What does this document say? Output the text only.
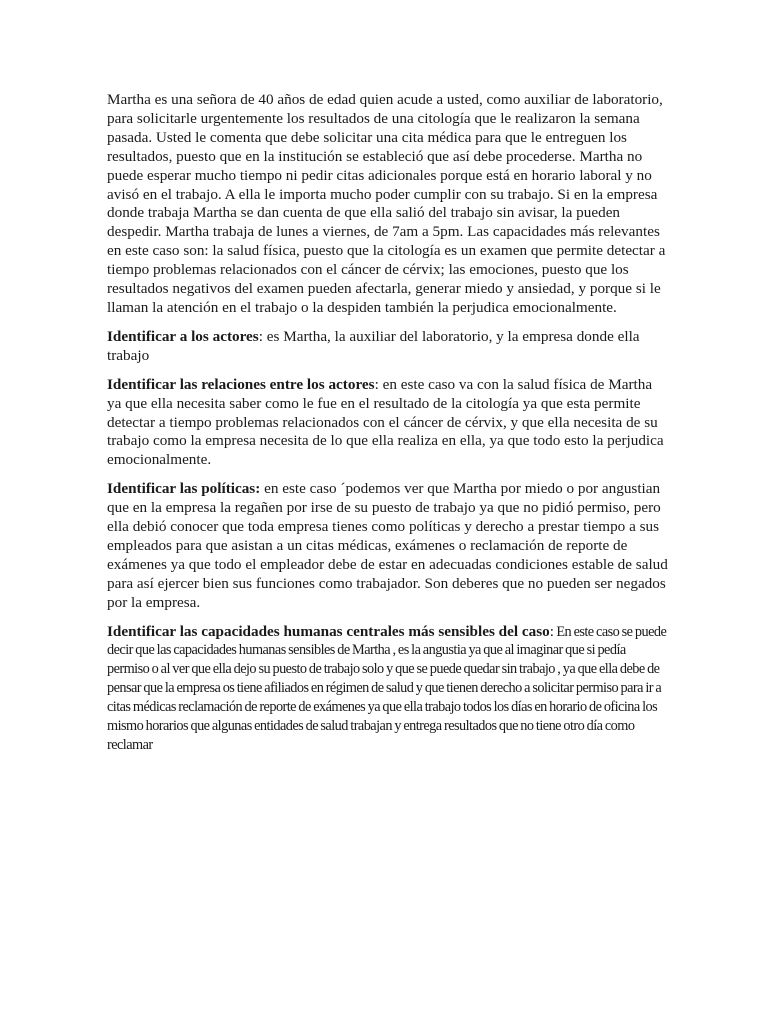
Martha es una señora de 40 años de edad quien acude a usted, como auxiliar de laboratorio, para solicitarle urgentemente los resultados de una citología que le realizaron la semana pasada. Usted le comenta que debe solicitar una cita médica para que le entreguen los resultados, puesto que en la institución se estableció que así debe procederse. Martha no puede esperar mucho tiempo ni pedir citas adicionales porque está en horario laboral y no avisó en el trabajo. A ella le importa mucho poder cumplir con su trabajo. Si en la empresa donde trabaja Martha se dan cuenta de que ella salió del trabajo sin avisar, la pueden despedir. Martha trabaja de lunes a viernes, de 7am a 5pm. Las capacidades más relevantes en este caso son: la salud física, puesto que la citología es un examen que permite detectar a tiempo problemas relacionados con el cáncer de cérvix; las emociones, puesto que los resultados negativos del examen pueden afectarla, generar miedo y ansiedad, y porque si le llaman la atención en el trabajo o la despiden también la perjudica emocionalmente.

Identificar a los actores: es Martha, la auxiliar del laboratorio, y la empresa donde ella trabajo

Identificar las relaciones entre los actores: en este caso va con la salud física de Martha ya que ella necesita saber como le fue en el resultado de la citología ya que esta permite detectar a tiempo problemas relacionados con el cáncer de cérvix, y que ella necesita de su trabajo como la empresa necesita de lo que ella realiza en ella, ya que todo esto la perjudica emocionalmente.

Identificar las políticas: en este caso ´podemos ver que Martha por miedo o por angustian que en la empresa la regañen por irse de su puesto de trabajo ya que no pidió permiso, pero ella debió conocer que toda empresa tienes como políticas y derecho a prestar tiempo a sus empleados para que asistan a un citas médicas, exámenes o reclamación de reporte de exámenes ya que todo el empleador debe de estar en adecuadas condiciones estable de salud para así ejercer bien sus funciones como trabajador. Son deberes que no pueden ser negados por la empresa.

Identificar las capacidades humanas centrales más sensibles del caso: En este caso se puede decir que las capacidades humanas sensibles de Martha , es la angustia ya que al imaginar que si pedía permiso o al ver que ella dejo su puesto de trabajo solo y que se puede quedar sin trabajo , ya que ella debe de pensar que la empresa os tiene afiliados en régimen de salud y que tienen derecho a solicitar permiso para ir a citas médicas reclamación de reporte de exámenes ya que ella trabajo todos los días en horario de oficina los mismo horarios que algunas entidades de salud trabajan y entrega resultados que no tiene otro día como reclamar
